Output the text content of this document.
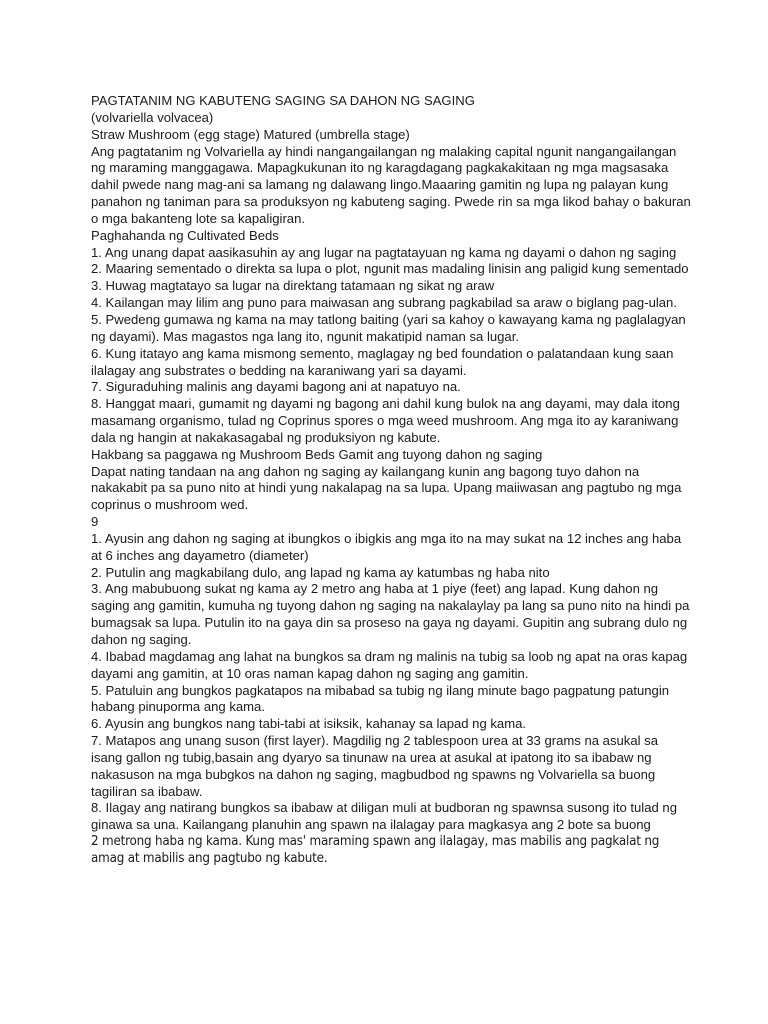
PAGTATANIM NG KABUTENG SAGING SA DAHON NG SAGING

(volvariella volvacea)

Straw Mushroom (egg stage) Matured (umbrella stage)

Ang pagtatanim ng Volvariella ay hindi nangangailangan ng malaking capital ngunit nangangailangan ng maraming manggagawa. Mapagkukunan ito ng karagdagang pagkakakitaan ng mga magsasaka dahil pwede nang mag-ani sa lamang ng dalawang lingo.Maaaring gamitin ng lupa ng palayan kung panahon ng taniman para sa produksyon ng kabuteng saging. Pwede rin sa mga likod bahay o bakuran o mga bakanteng lote sa kapaligiran.

Paghahanda ng Cultivated Beds

1. Ang unang dapat aasikasuhin ay ang lugar na pagtatayuan ng kama ng dayami o dahon ng saging

2. Maaring sementado o direkta sa lupa o plot, ngunit mas madaling linisin ang paligid kung sementado

3. Huwag magtatayo sa lugar na direktang tatamaan ng sikat ng araw

4. Kailangan may lilim ang puno para maiwasan ang subrang pagkabilad sa araw o biglang pag-ulan.

5. Pwedeng gumawa ng kama na may tatlong baiting (yari sa kahoy o kawayang kama ng paglalagyan ng dayami). Mas magastos nga lang ito, ngunit makatipid naman sa lugar.

6. Kung itatayo ang kama mismong semento, maglagay ng bed foundation o palatandaan kung saan ilalagay ang substrates o bedding na karaniwang yari sa dayami.

7. Siguraduhing malinis ang dayami bagong ani at napatuyo na.

8. Hanggat maari, gumamit ng dayami ng bagong ani dahil kung bulok na ang dayami, may dala itong masamang organismo, tulad ng Coprinus spores o mga weed mushroom. Ang mga ito ay karaniwang dala ng hangin at nakakasagabal ng produksiyon ng kabute.

Hakbang sa paggawa ng Mushroom Beds Gamit ang tuyong dahon ng saging

Dapat nating tandaan na ang dahon ng saging ay kailangang kunin ang bagong tuyo dahon na nakakabit pa sa puno nito at hindi yung nakalapag na sa lupa. Upang maiiwasan ang pagtubo ng mga coprinus o mushroom wed.

9

1. Ayusin ang dahon ng saging at ibungkos o ibigkis ang mga ito na may sukat na 12 inches ang haba at 6 inches ang dayametro (diameter)

2. Putulin ang magkabilang dulo, ang lapad ng kama ay katumbas ng haba nito

3. Ang mabubuong sukat ng kama ay 2 metro ang haba at 1 piye (feet) ang lapad. Kung dahon ng saging ang gamitin, kumuha ng tuyong dahon ng saging na nakalaylay pa lang sa puno nito na hindi pa bumagsak sa lupa. Putulin ito na gaya din sa proseso na gaya ng dayami. Gupitin ang subrang dulo ng dahon ng saging.

4. Ibabad magdamag ang lahat na bungkos sa dram ng malinis na tubig sa loob ng apat na oras kapag dayami ang gamitin, at 10 oras naman kapag dahon ng saging ang gamitin.

5. Patuluin ang bungkos pagkatapos na mibabad sa tubig ng ilang minute bago pagpatung patungin habang pinuporma ang kama.

6. Ayusin ang bungkos nang tabi-tabi at isiksik, kahanay sa lapad ng kama.

7. Matapos ang unang suson (first layer). Magdilig ng 2 tablespoon urea at 33 grams na asukal sa isang gallon ng tubig,basain ang dyaryo sa tinunaw na urea at asukal at ipatong ito sa ibabaw ng nakasuson na mga bubgkos na dahon ng saging, magbudbod ng spawns ng Volvariella sa buong tagiliran sa ibabaw.

8. Ilagay ang natirang bungkos sa ibabaw at diligan muli at budboran ng spawnsa susong ito tulad ng ginawa sa una. Kailangang planuhin ang spawn na ilalagay para magkasya ang 2 bote sa buong

2 metrong haba ng kama. Kung mas' maraming spawn ang ilalagay, mas mabilis ang pagkalat ng amag at mabilis ang pagtubo ng kabute.
